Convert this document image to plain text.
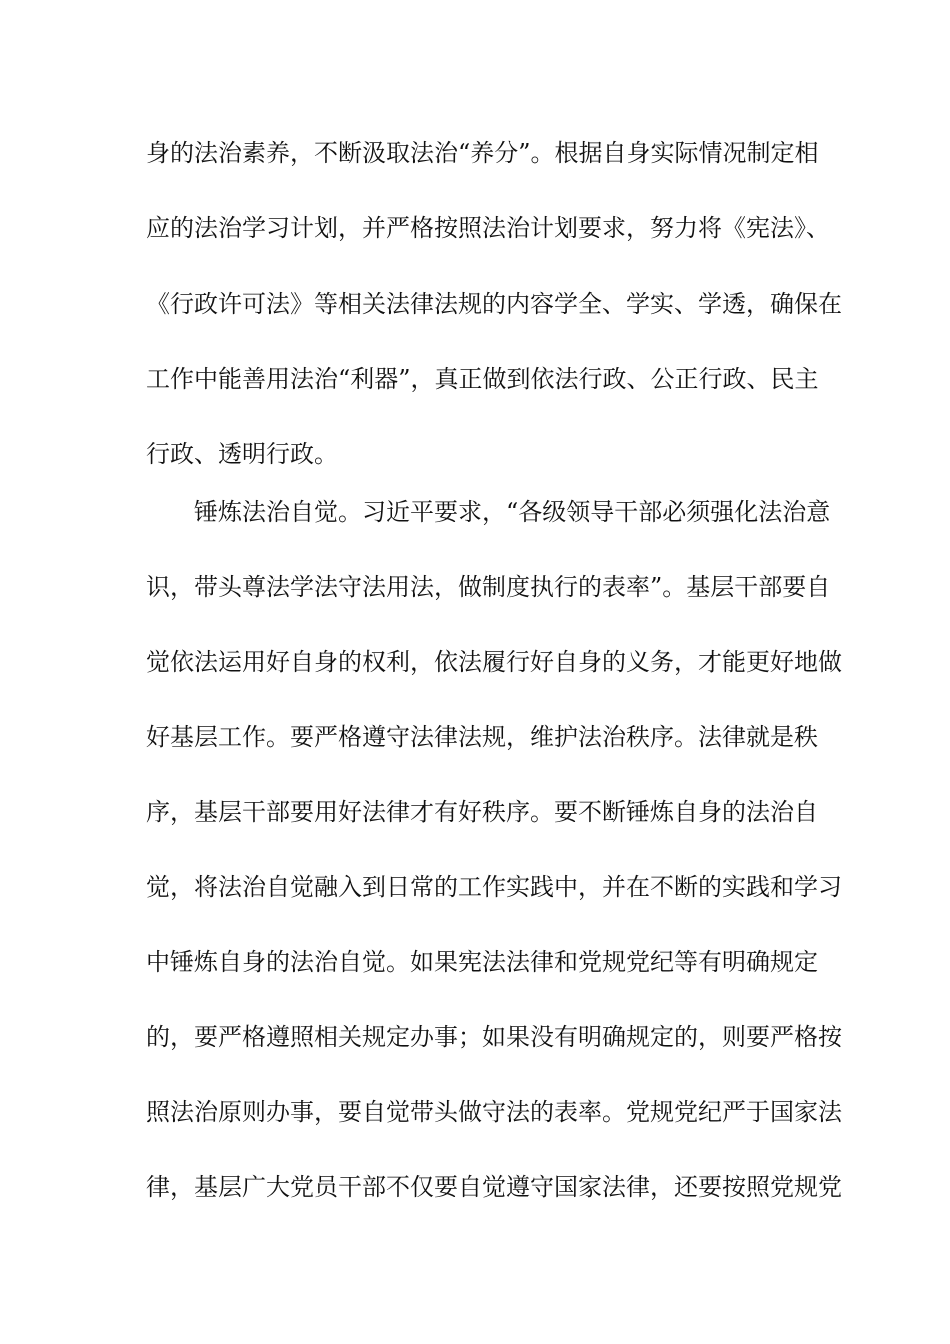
身的法治素养，不断汲取法治“养分”。根据自身实际情况制定相
应的法治学习计划，并严格按照法治计划要求，努力将《宪法》、
《行政许可法》等相关法律法规的内容学全、学实、学透，确保在
工作中能善用法治“利器”，真正做到依法行政、公正行政、民主
行政、透明行政。
锤炼法治自觉。习近平要求，“各级领导干部必须强化法治意
识，带头尊法学法守法用法，做制度执行的表率”。基层干部要自
觉依法运用好自身的权利，依法履行好自身的义务，才能更好地做
好基层工作。要严格遵守法律法规，维护法治秩序。法律就是秩
序，基层干部要用好法律才有好秩序。要不断锤炼自身的法治自
觉，将法治自觉融入到日常的工作实践中，并在不断的实践和学习
中锤炼自身的法治自觉。如果宪法法律和党规党纪等有明确规定
的，要严格遵照相关规定办事；如果没有明确规定的，则要严格按
照法治原则办事，要自觉带头做守法的表率。党规党纪严于国家法
律，基层广大党员干部不仅要自觉遵守国家法律，还要按照党规党
